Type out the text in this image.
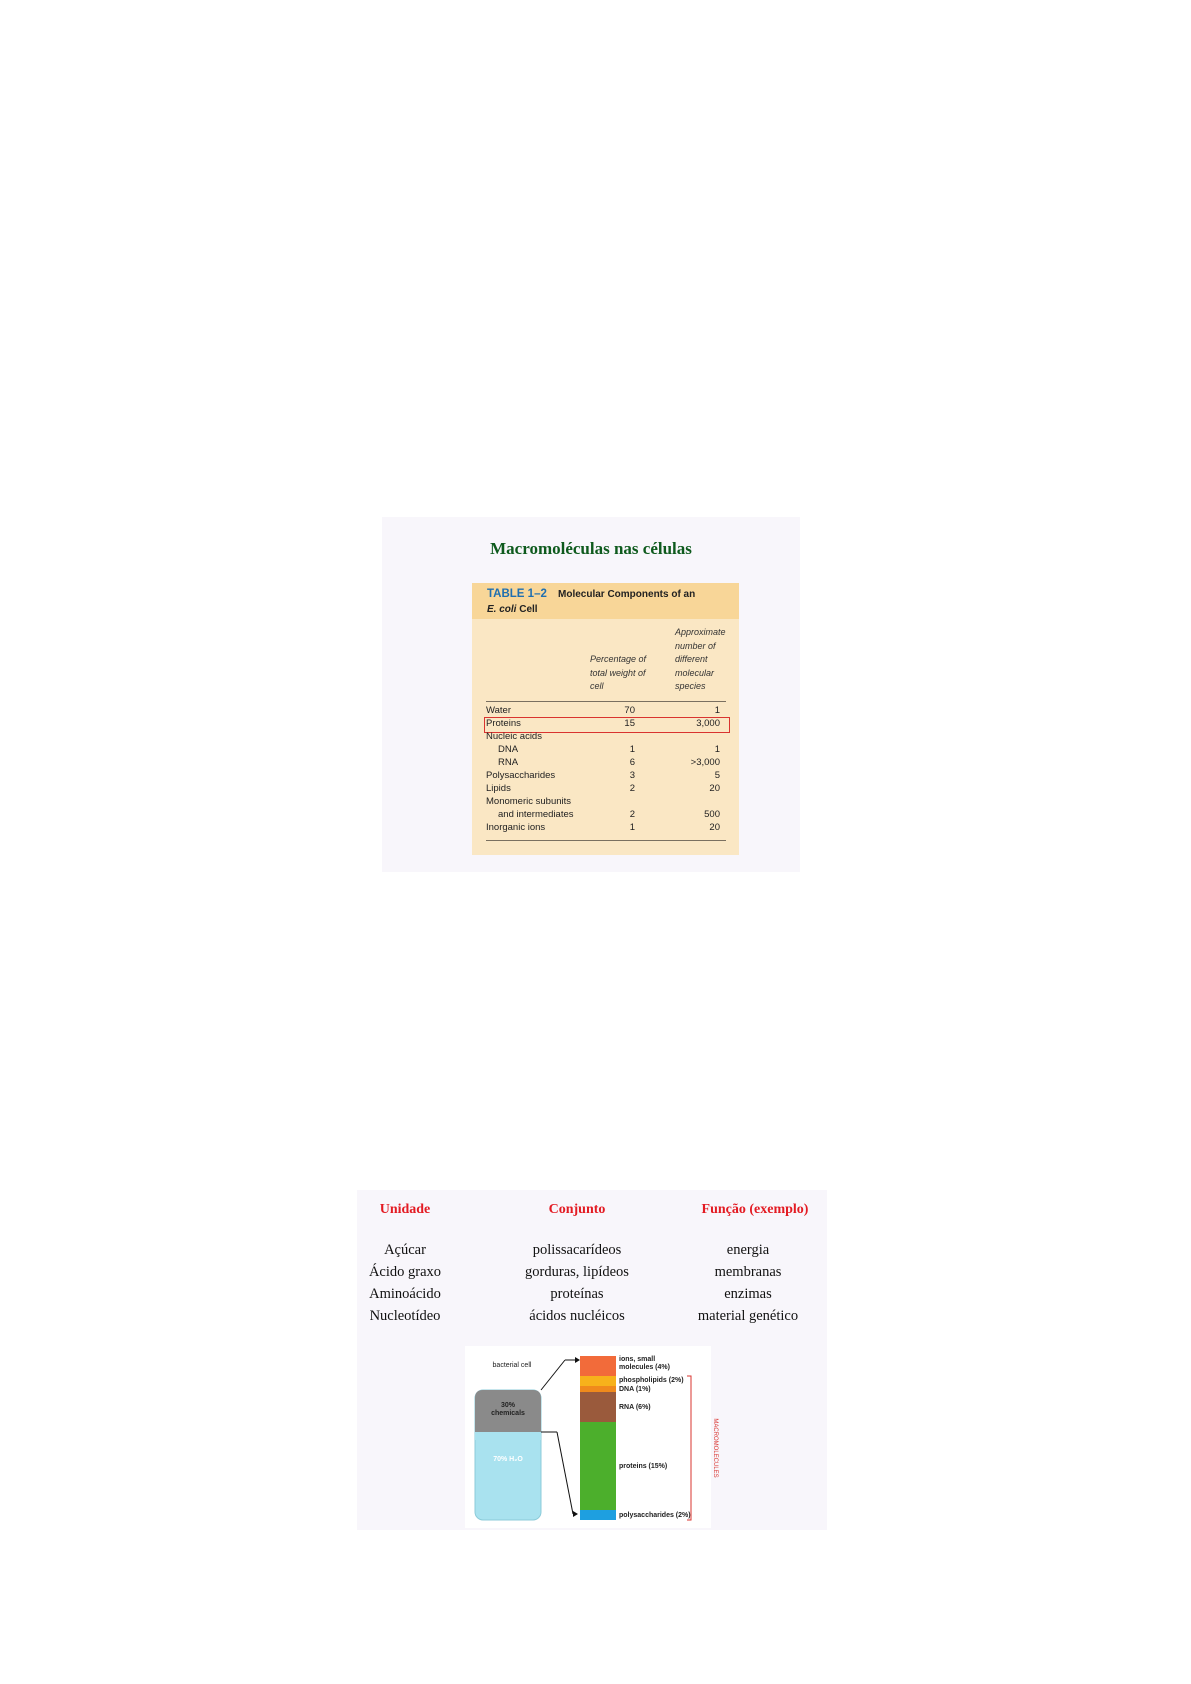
Macromoléculas nas células
TABLE 1–2 Molecular Components of an
E. coli Cell
Percentage of total weight of cell
Approximate number of different molecular species
Water	70	1
Proteins	15	3,000
Nucleic acids
DNA	1	1
RNA	6	>3,000
Polysaccharides	3	5
Lipids	2	20
Monomeric subunits
and intermediates	2	500
Inorganic ions	1	20
Unidade	Conjunto	Função (exemplo)
Açúcar	polissacarídeos	energia
Ácido graxo	gorduras, lipídeos	membranas
Aminoácido	proteínas	enzimas
Nucleotídeo	ácidos nucléicos	material genético
bacterial cell
30% chemicals
70% H₂O
ions, small molecules (4%)
phospholipids (2%)
DNA (1%)
RNA (6%)
proteins (15%)
polysaccharides (2%)
MACROMOLECULES
